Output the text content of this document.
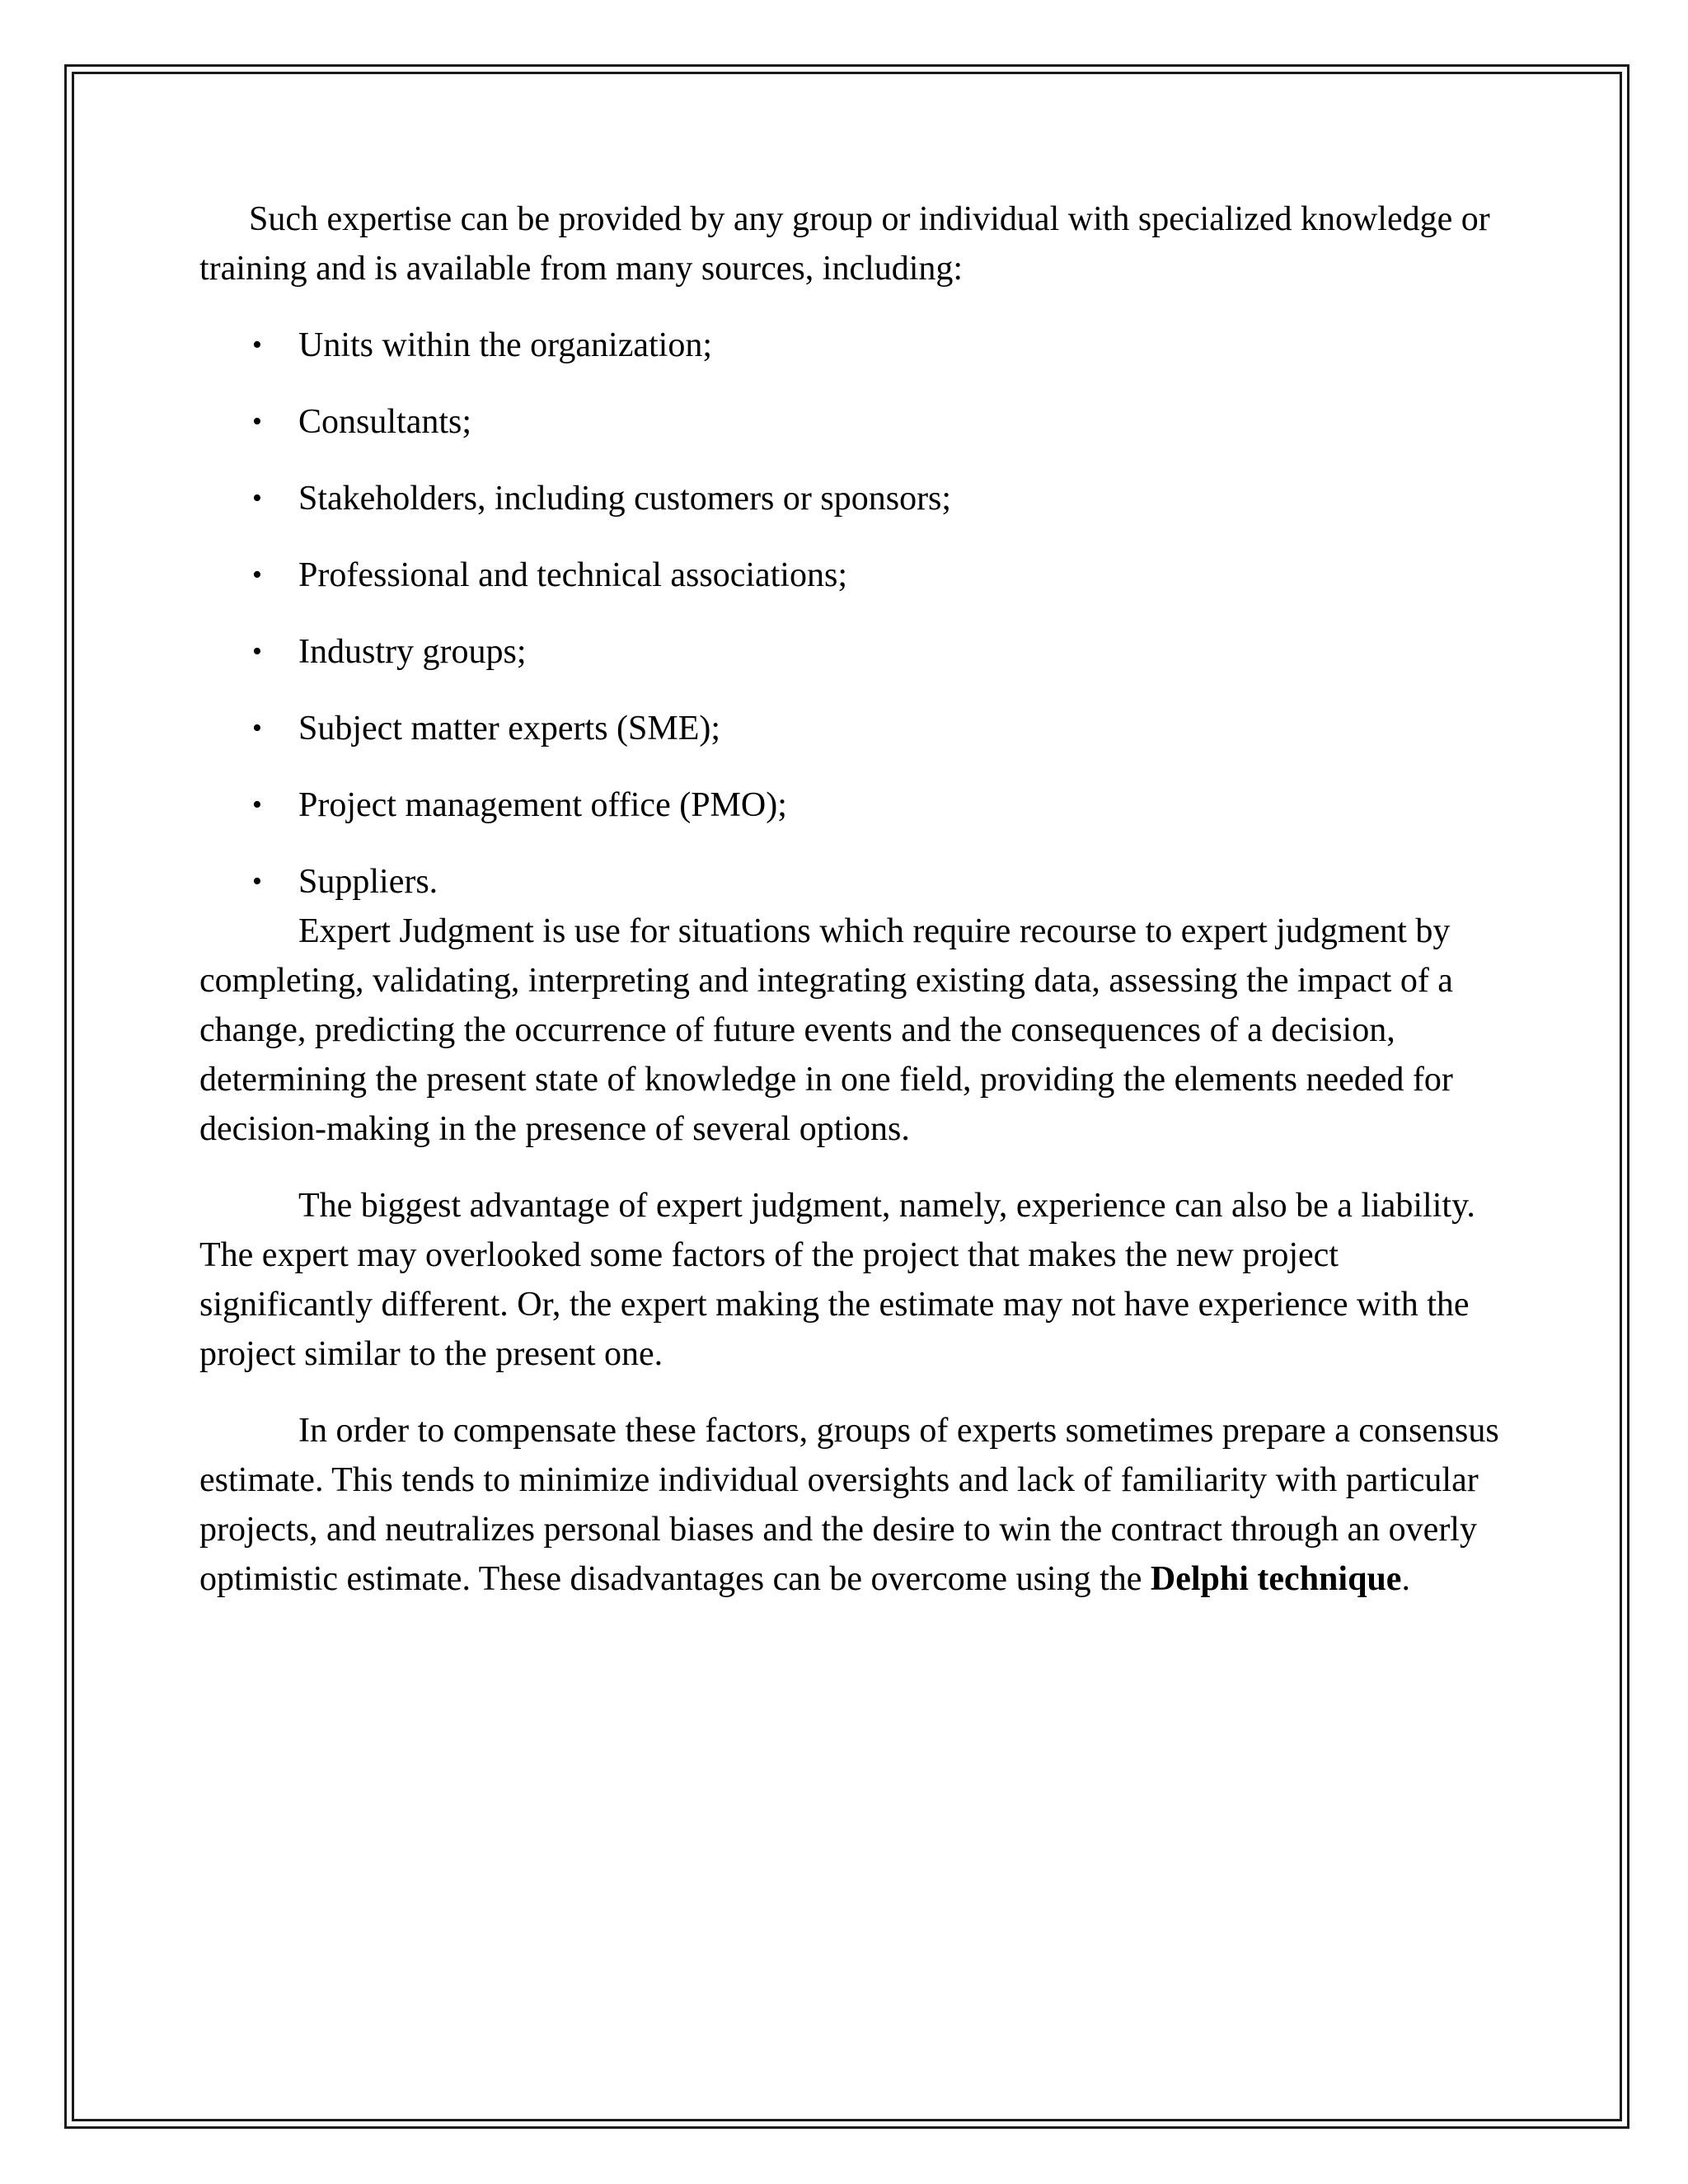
Such expertise can be provided by any group or individual with specialized knowledge or training and is available from many sources, including:

• Units within the organization;
• Consultants;
• Stakeholders, including customers or sponsors;
• Professional and technical associations;
• Industry groups;
• Subject matter experts (SME);
• Project management office (PMO);
• Suppliers.

Expert Judgment is use for situations which require recourse to expert judgment by completing, validating, interpreting and integrating existing data, assessing the impact of a change, predicting the occurrence of future events and the consequences of a decision, determining the present state of knowledge in one field, providing the elements needed for decision-making in the presence of several options.

The biggest advantage of expert judgment, namely, experience can also be a liability. The expert may overlooked some factors of the project that makes the new project significantly different. Or, the expert making the estimate may not have experience with the project similar to the present one.

In order to compensate these factors, groups of experts sometimes prepare a consensus estimate. This tends to minimize individual oversights and lack of familiarity with particular projects, and neutralizes personal biases and the desire to win the contract through an overly optimistic estimate. These disadvantages can be overcome using the Delphi technique.
